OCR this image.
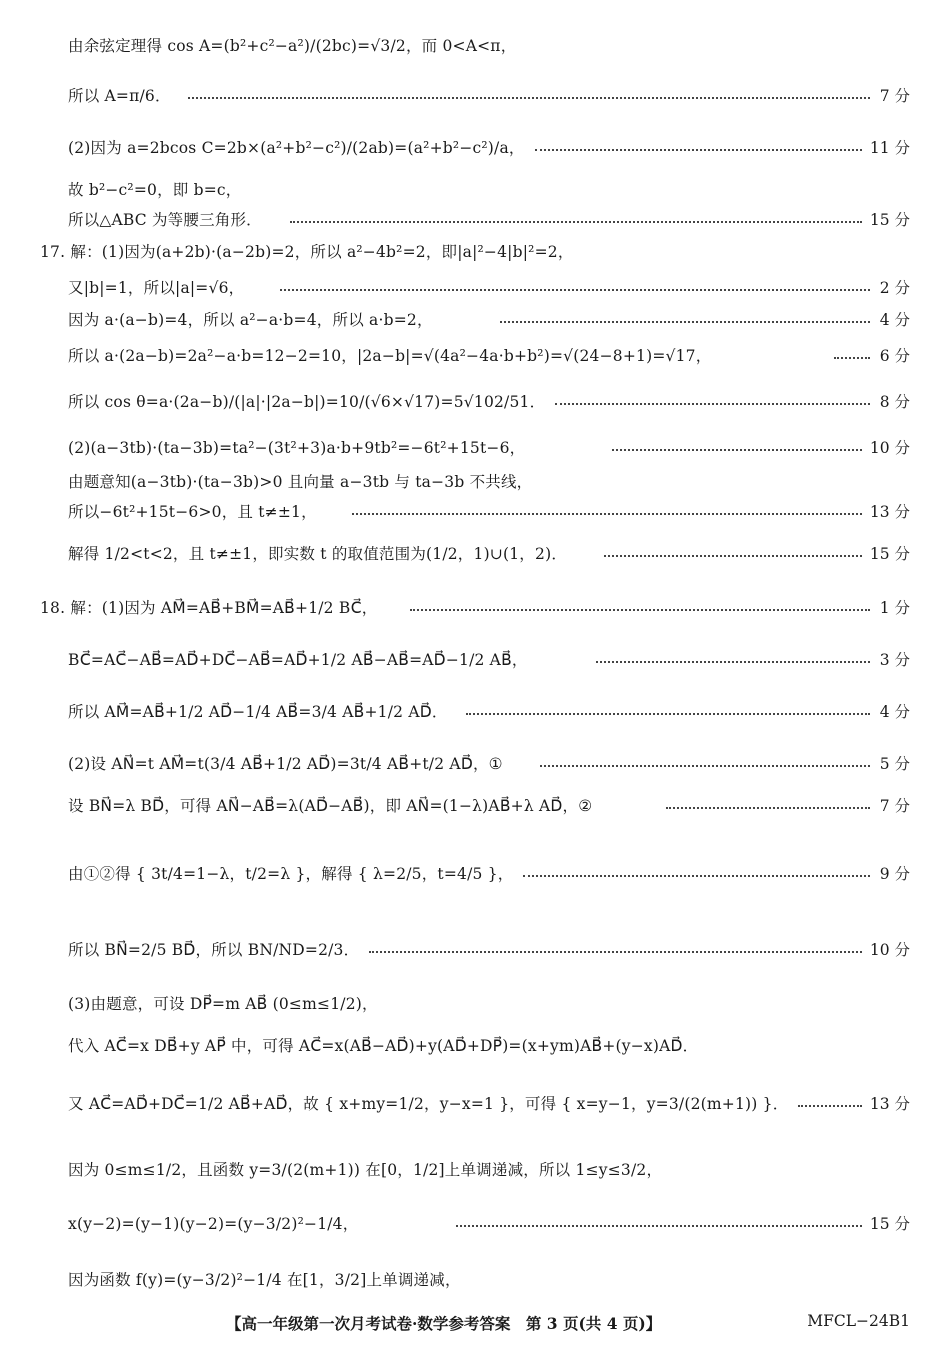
由余弦定理得 cos A=(b²+c²−a²)/(2bc)=√3/2，而 0<A<π，
所以 A=π/6．	7 分
(2)因为 a=2bcos C=2b×(a²+b²−c²)/(2ab)=(a²+b²−c²)/a，	11 分
故 b²−c²=0，即 b=c，
所以△ABC 为等腰三角形．	15 分
17. 解：(1)因为(a+2b)·(a−2b)=2，所以 a²−4b²=2，即|a|²−4|b|²=2，
又|b|=1，所以|a|=√6，	2 分
因为 a·(a−b)=4，所以 a²−a·b=4，所以 a·b=2，	4 分
所以 a·(2a−b)=2a²−a·b=12−2=10，|2a−b|=√(4a²−4a·b+b²)=√(24−8+1)=√17，	6 分
所以 cos θ=a·(2a−b)/(|a|·|2a−b|)=10/(√6×√17)=5√102/51．	8 分
(2)(a−3tb)·(ta−3b)=ta²−(3t²+3)a·b+9tb²=−6t²+15t−6，	10 分
由题意知(a−3tb)·(ta−3b)>0 且向量 a−3tb 与 ta−3b 不共线，
所以−6t²+15t−6>0，且 t≠±1，	13 分
解得 1/2<t<2，且 t≠±1，即实数 t 的取值范围为(1/2，1)∪(1，2)．	15 分
18. 解：(1)因为 AM⃗=AB⃗+BM⃗=AB⃗+1/2 BC⃗，	1 分
BC⃗=AC⃗−AB⃗=AD⃗+DC⃗−AB⃗=AD⃗+1/2 AB⃗−AB⃗=AD⃗−1/2 AB⃗，	3 分
所以 AM⃗=AB⃗+1/2 AD⃗−1/4 AB⃗=3/4 AB⃗+1/2 AD⃗．	4 分
(2)设 AN⃗=t AM⃗=t(3/4 AB⃗+1/2 AD⃗)=3t/4 AB⃗+t/2 AD⃗，①	5 分
设 BN⃗=λ BD⃗，可得 AN⃗−AB⃗=λ(AD⃗−AB⃗)，即 AN⃗=(1−λ)AB⃗+λ AD⃗，②	7 分
由①②得 { 3t/4=1−λ，t/2=λ }，解得 { λ=2/5，t=4/5 }，	9 分
所以 BN⃗=2/5 BD⃗，所以 BN/ND=2/3．	10 分
(3)由题意，可设 DP⃗=m AB⃗ (0≤m≤1/2)，
代入 AC⃗=x DB⃗+y AP⃗ 中，可得 AC⃗=x(AB⃗−AD⃗)+y(AD⃗+DP⃗)=(x+ym)AB⃗+(y−x)AD⃗．
又 AC⃗=AD⃗+DC⃗=1/2 AB⃗+AD⃗，故 { x+my=1/2，y−x=1 }，可得 { x=y−1，y=3/(2(m+1)) }．	13 分
因为 0≤m≤1/2，且函数 y=3/(2(m+1)) 在[0，1/2]上单调递减，所以 1≤y≤3/2，
x(y−2)=(y−1)(y−2)=(y−3/2)²−1/4，	15 分
因为函数 f(y)=(y−3/2)²−1/4 在[1，3/2]上单调递减，
【高一年级第一次月考试卷·数学参考答案　第 3 页(共 4 页)】	MFCL−24B1
